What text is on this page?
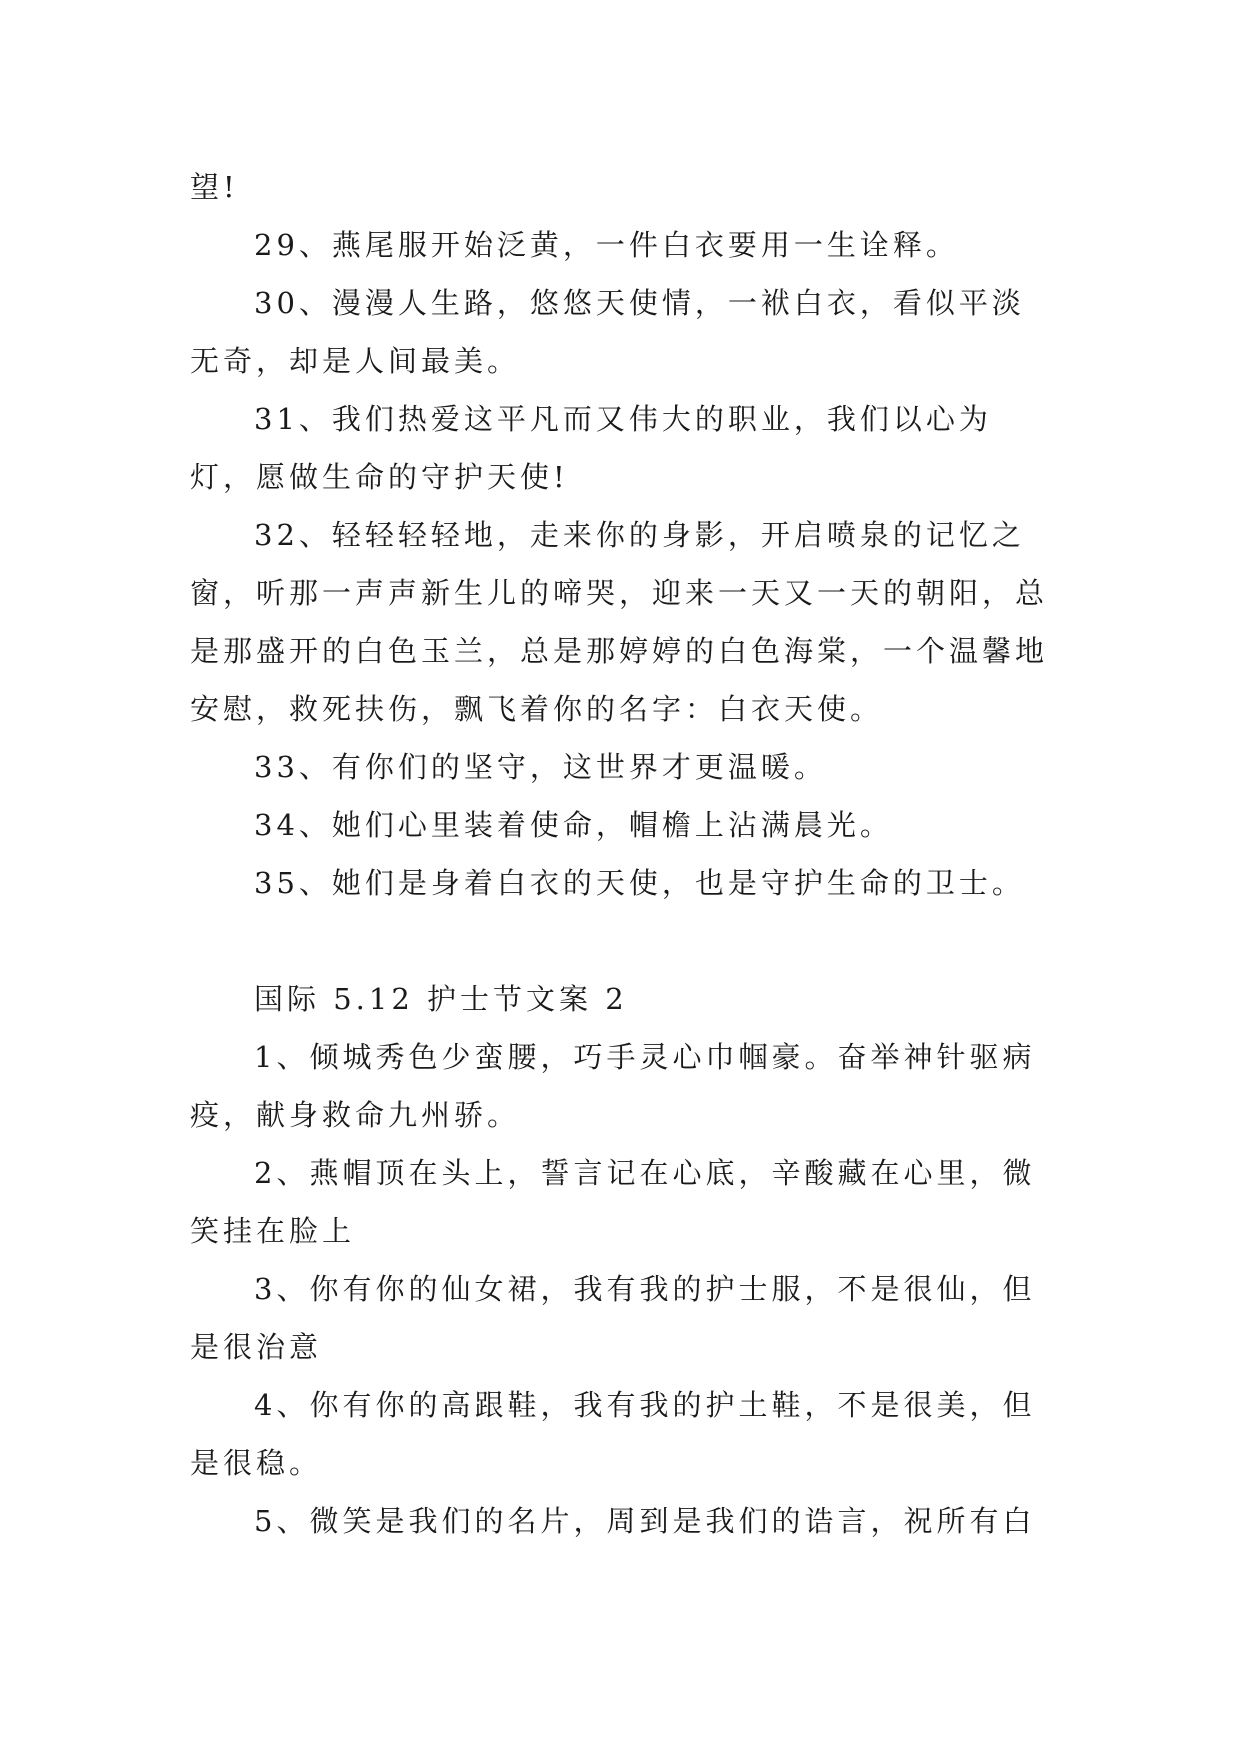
望!

29、燕尾服开始泛黄，一件白衣要用一生诠释。

30、漫漫人生路，悠悠天使情，一袱白衣，看似平淡无奇，却是人间最美。

31、我们热爱这平凡而又伟大的职业，我们以心为灯，愿做生命的守护天使!

32、轻轻轻轻地，走来你的身影，开启喷泉的记忆之窗，听那一声声新生儿的啼哭，迎来一天又一天的朝阳，总是那盛开的白色玉兰，总是那婷婷的白色海棠，一个温馨地安慰，救死扶伤，飘飞着你的名字：白衣天使。

33、有你们的坚守，这世界才更温暖。

34、她们心里装着使命，帽檐上沾满晨光。

35、她们是身着白衣的天使，也是守护生命的卫士。

国际 5.12 护士节文案 2

1、倾城秀色少蛮腰，巧手灵心巾帼豪。奋举神针驱病疫，献身救命九州骄。

2、燕帽顶在头上，誓言记在心底，辛酸藏在心里，微笑挂在脸上

3、你有你的仙女裙，我有我的护士服，不是很仙，但是很治意

4、你有你的高跟鞋，我有我的护土鞋，不是很美，但是很稳。

5、微笑是我们的名片，周到是我们的诰言，祝所有白
